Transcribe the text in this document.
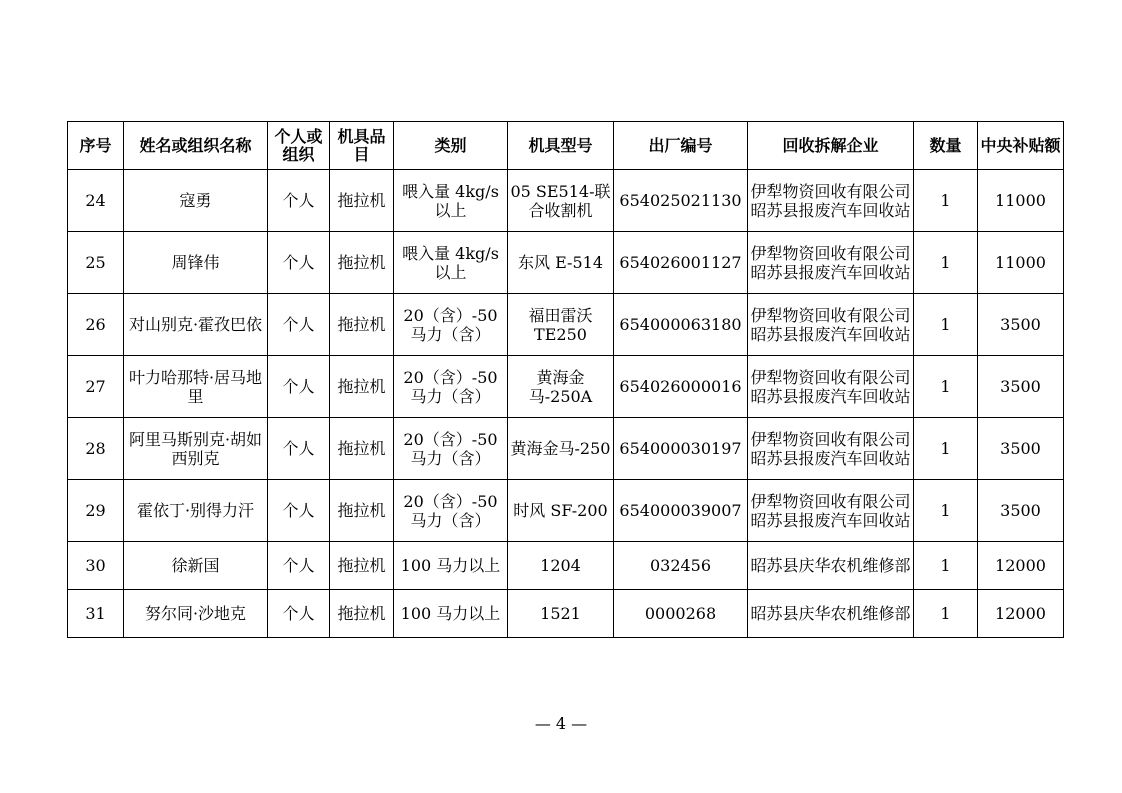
序号	姓名或组织名称	个人或组织	机具品目	类别	机具型号	出厂编号	回收拆解企业	数量	中央补贴额
24	寇勇	个人	拖拉机	喂入量 4kg/s 以上	05 SE514-联合收割机	654025021130	伊犁物资回收有限公司昭苏县报废汽车回收站	1	11000
25	周锋伟	个人	拖拉机	喂入量 4kg/s 以上	东风 E-514	654026001127	伊犁物资回收有限公司昭苏县报废汽车回收站	1	11000
26	对山别克·霍孜巴依	个人	拖拉机	20（含）-50 马力（含）	福田雷沃 TE250	654000063180	伊犁物资回收有限公司昭苏县报废汽车回收站	1	3500
27	叶力哈那特·居马地里	个人	拖拉机	20（含）-50 马力（含）	黄海金马-250A	654026000016	伊犁物资回收有限公司昭苏县报废汽车回收站	1	3500
28	阿里马斯别克·胡如西别克	个人	拖拉机	20（含）-50 马力（含）	黄海金马-250	654000030197	伊犁物资回收有限公司昭苏县报废汽车回收站	1	3500
29	霍依丁·别得力汗	个人	拖拉机	20（含）-50 马力（含）	时风 SF-200	654000039007	伊犁物资回收有限公司昭苏县报废汽车回收站	1	3500
30	徐新国	个人	拖拉机	100 马力以上	1204	032456	昭苏县庆华农机维修部	1	12000
31	努尔同·沙地克	个人	拖拉机	100 马力以上	1521	0000268	昭苏县庆华农机维修部	1	12000
— 4 —
